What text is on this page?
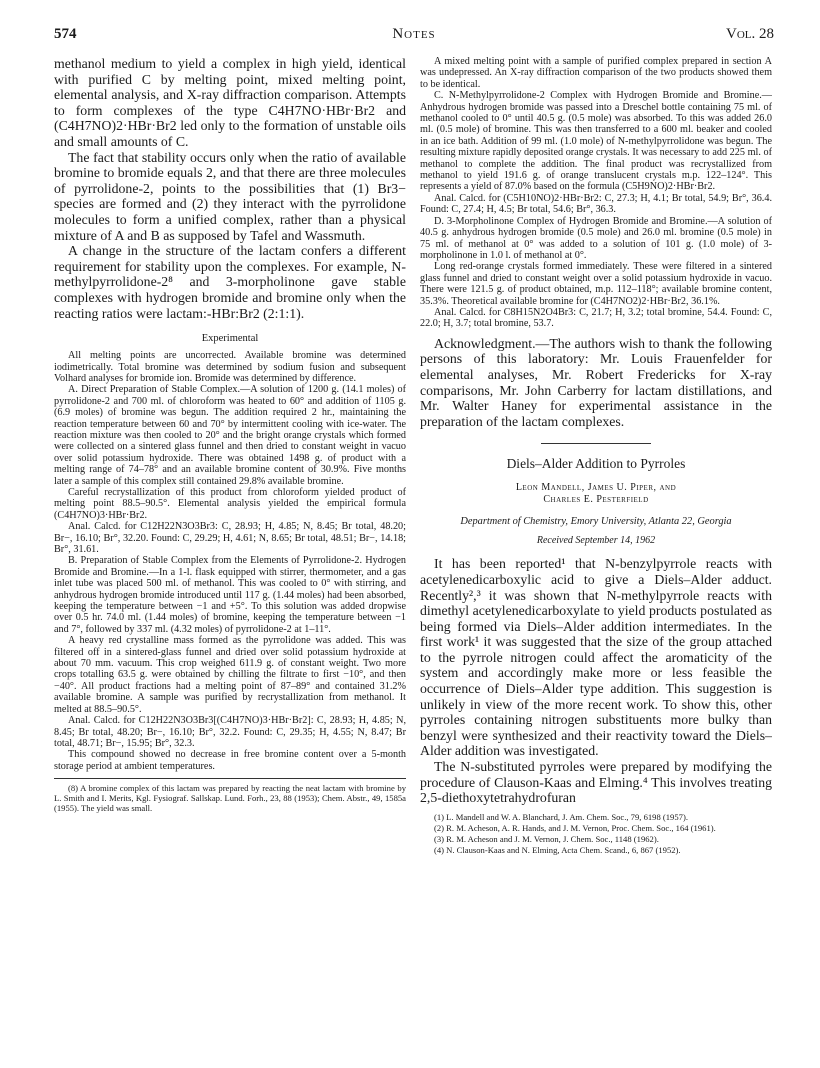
574	Notes	Vol. 28

methanol medium to yield a complex in high yield, identical with purified C by melting point, mixed melting point, elemental analysis, and X-ray diffraction comparison. Attempts to form complexes of the type C4H7NO·HBr·Br2 and (C4H7NO)2·HBr·Br2 led only to the formation of unstable oils and small amounts of C.

The fact that stability occurs only when the ratio of available bromine to bromide equals 2, and that there are three molecules of pyrrolidone-2, points to the possibilities that (1) Br3− species are formed and (2) they interact with the pyrrolidone molecules to form a unified complex, rather than a physical mixture of A and B as supposed by Tafel and Wassmuth.

A change in the structure of the lactam confers a different requirement for stability upon the complexes. For example, N-methylpyrrolidone-2⁸ and 3-morpholinone gave stable complexes with hydrogen bromide and bromine only when the reacting ratios were lactam:-HBr:Br2 (2:1:1).

Experimental

All melting points are uncorrected. Available bromine was determined iodimetrically. Total bromine was determined by sodium fusion and subsequent Volhard analyses for bromide ion. Bromide was determined by difference.

A. Direct Preparation of Stable Complex.—A solution of 1200 g. (14.1 moles) of pyrrolidone-2 and 700 ml. of chloroform was heated to 60° and addition of 1105 g. (6.9 moles) of bromine was begun. The addition required 2 hr., maintaining the reaction temperature between 60 and 70° by intermittent cooling with ice-water. The reaction mixture was then cooled to 20° and the bright orange crystals which formed were collected on a sintered glass funnel and then dried to constant weight in vacuo over solid potassium hydroxide. There was obtained 1498 g. of product with a melting range of 74–78° and an available bromine content of 30.9%. Five months later a sample of this complex still contained 29.8% available bromine.

Careful recrystallization of this product from chloroform yielded product of melting point 88.5–90.5°. Elemental analysis yielded the empirical formula (C4H7NO)3·HBr·Br2.

Anal. Calcd. for C12H22N3O3Br3: C, 28.93; H, 4.85; N, 8.45; Br total, 48.20; Br−, 16.10; Br°, 32.20. Found: C, 29.29; H, 4.61; N, 8.65; Br total, 48.51; Br−, 14.18; Br°, 31.61.

B. Preparation of Stable Complex from the Elements of Pyrrolidone-2. Hydrogen Bromide and Bromine.—In a 1-l. flask equipped with stirrer, thermometer, and a gas inlet tube was placed 500 ml. of methanol. This was cooled to 0° with stirring, and anhydrous hydrogen bromide introduced until 117 g. (1.44 moles) had been absorbed, keeping the temperature between −1 and +5°. To this solution was added dropwise over 0.5 hr. 74.0 ml. (1.44 moles) of bromine, keeping the temperature between −1 and 7°, followed by 337 ml. (4.32 moles) of pyrrolidone-2 at 1–11°.

A heavy red crystalline mass formed as the pyrrolidone was added. This was filtered off in a sintered-glass funnel and dried over solid potassium hydroxide at about 70 mm. vacuum. This crop weighed 611.9 g. of constant weight. Two more crops totalling 63.5 g. were obtained by chilling the filtrate to first −10°, and then −40°. All product fractions had a melting point of 87–89° and contained 31.2% available bromine. A sample was purified by recrystallization from methanol. It melted at 88.5–90.5°.

Anal. Calcd. for C12H22N3O3Br3[(C4H7NO)3·HBr·Br2]: C, 28.93; H, 4.85; N, 8.45; Br total, 48.20; Br−, 16.10; Br°, 32.2. Found: C, 29.35; H, 4.55; N, 8.47; Br total, 48.71; Br−, 15.95; Br°, 32.3.

This compound showed no decrease in free bromine content over a 5-month storage period at ambient temperatures.

(8) A bromine complex of this lactam was prepared by reacting the neat lactam with bromine by L. Smith and I. Merits, Kgl. Fysiograf. Sallskap. Lund. Forh., 23, 88 (1953); Chem. Abstr., 49, 1585a (1955). The yield was small.

A mixed melting point with a sample of purified complex prepared in section A was undepressed. An X-ray diffraction comparison of the two products showed them to be identical.

C. N-Methylpyrrolidone-2 Complex with Hydrogen Bromide and Bromine.—Anhydrous hydrogen bromide was passed into a Dreschel bottle containing 75 ml. of methanol cooled to 0° until 40.5 g. (0.5 mole) was absorbed. To this was added 26.0 ml. (0.5 mole) of bromine. This was then transferred to a 600 ml. beaker and cooled in an ice bath. Addition of 99 ml. (1.0 mole) of N-methylpyrrolidone was begun. The resulting mixture rapidly deposited orange crystals. It was necessary to add 225 ml. of methanol to complete the addition. The final product was recrystallized from methanol to yield 191.6 g. of orange translucent crystals m.p. 122–124°. This represents a yield of 87.0% based on the formula (C5H9NO)2·HBr·Br2.

Anal. Calcd. for (C5H10NO)2·HBr·Br2: C, 27.3; H, 4.1; Br total, 54.9; Br°, 36.4. Found: C, 27.4; H, 4.5; Br total, 54.6; Br°, 36.3.

D. 3-Morpholinone Complex of Hydrogen Bromide and Bromine.—A solution of 40.5 g. anhydrous hydrogen bromide (0.5 mole) and 26.0 ml. bromine (0.5 mole) in 75 ml. of methanol at 0° was added to a solution of 101 g. (1.0 mole) of 3-morpholinone in 1.0 l. of methanol at 0°.

Long red-orange crystals formed immediately. These were filtered in a sintered glass funnel and dried to constant weight over a solid potassium hydroxide in vacuo. There were 121.5 g. of product obtained, m.p. 112–118°; available bromine content, 35.3%. Theoretical available bromine for (C4H7NO2)2·HBr·Br2, 36.1%.

Anal. Calcd. for C8H15N2O4Br3: C, 21.7; H, 3.2; total bromine, 54.4. Found: C, 22.0; H, 3.7; total bromine, 53.7.

Acknowledgment.—The authors wish to thank the following persons of this laboratory: Mr. Louis Frauenfelder for elemental analyses, Mr. Robert Fredericks for X-ray comparisons, Mr. John Carberry for lactam distillations, and Mr. Walter Haney for experimental assistance in the preparation of the lactam complexes.

Diels–Alder Addition to Pyrroles
Leon Mandell, James U. Piper, and
Charles E. Pesterfield
Department of Chemistry, Emory University, Atlanta 22, Georgia
Received September 14, 1962

It has been reported¹ that N-benzylpyrrole reacts with acetylenedicarboxylic acid to give a Diels–Alder adduct. Recently²,³ it was shown that N-methylpyrrole reacts with dimethyl acetylenedicarboxylate to yield products postulated as being formed via Diels–Alder addition intermediates. In the first work¹ it was suggested that the size of the group attached to the pyrrole nitrogen could affect the aromaticity of the system and accordingly make more or less feasible the occurrence of Diels–Alder type addition. This suggestion is unlikely in view of the more recent work. To show this, other pyrroles containing nitrogen substituents more bulky than benzyl were synthesized and their reactivity toward the Diels–Alder addition was investigated.

The N-substituted pyrroles were prepared by modifying the procedure of Clauson-Kaas and Elming.⁴ This involves treating 2,5-diethoxytetrahydrofuran

(1) L. Mandell and W. A. Blanchard, J. Am. Chem. Soc., 79, 6198 (1957).

(2) R. M. Acheson, A. R. Hands, and J. M. Vernon, Proc. Chem. Soc., 164 (1961).

(3) R. M. Acheson and J. M. Vernon, J. Chem. Soc., 1148 (1962).

(4) N. Clauson-Kaas and N. Elming, Acta Chem. Scand., 6, 867 (1952).
